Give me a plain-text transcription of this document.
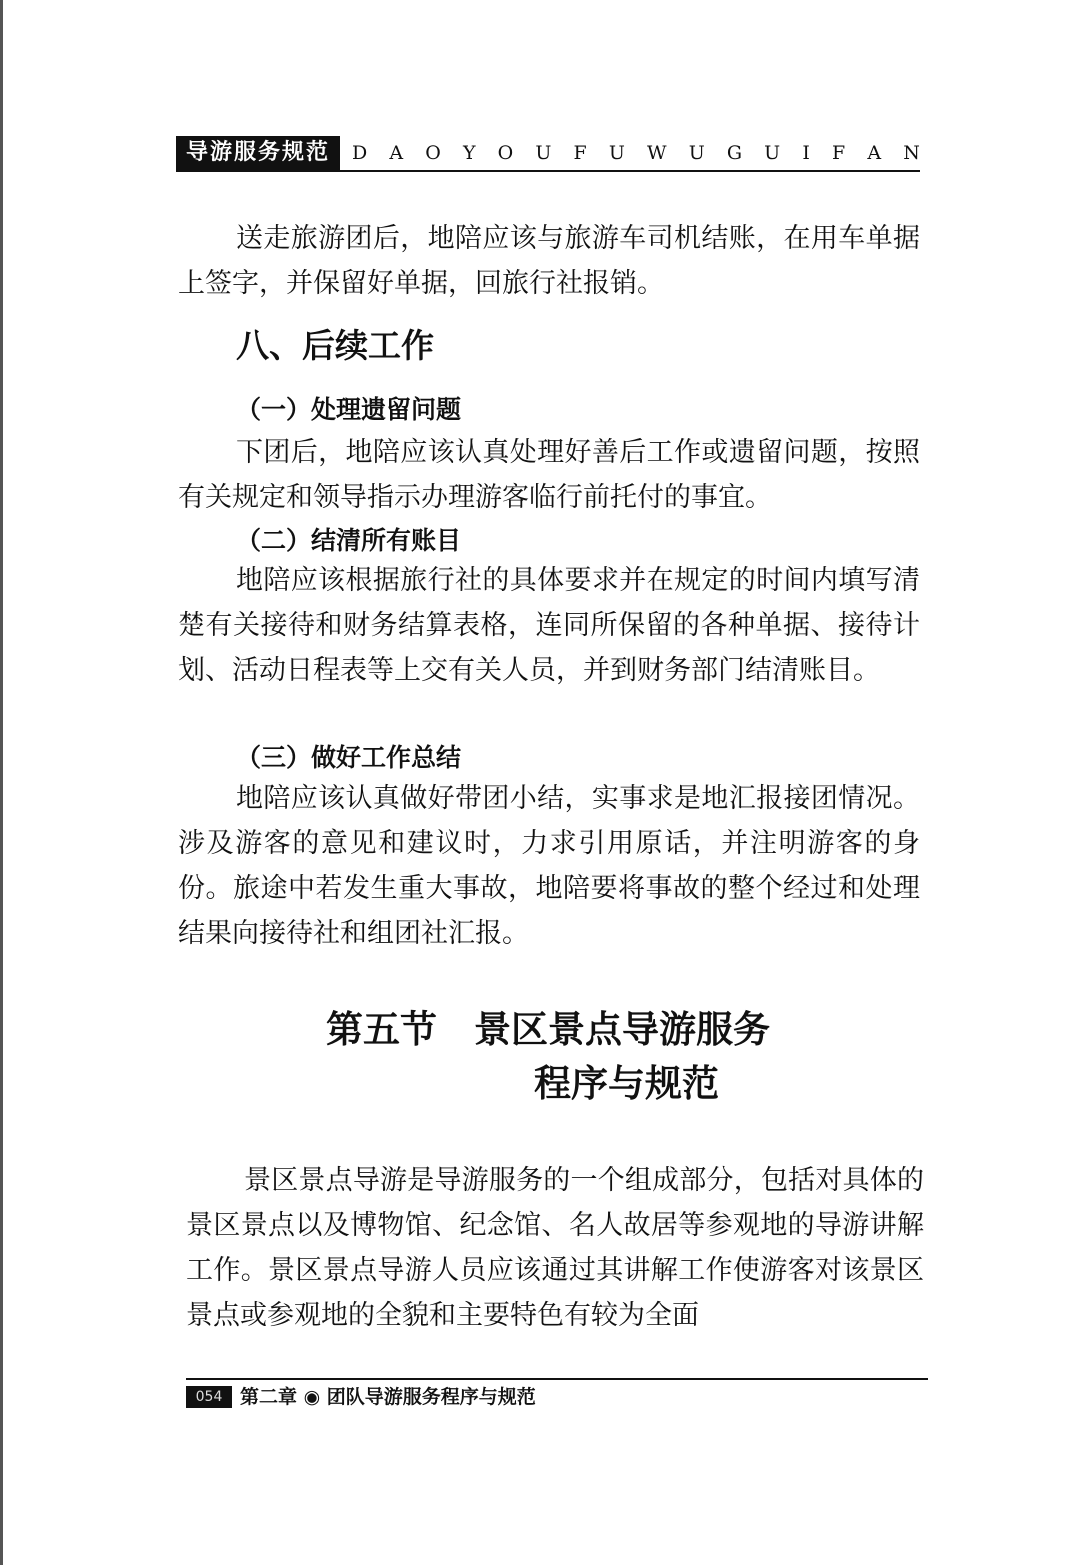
导游服务规范	D A O Y O U F U W U G U I F A N
送走旅游团后，地陪应该与旅游车司机结账，在用车单据上签字，并保留好单据，回旅行社报销。
八、后续工作
（一）处理遗留问题
下团后，地陪应该认真处理好善后工作或遗留问题，按照有关规定和领导指示办理游客临行前托付的事宜。
（二）结清所有账目
地陪应该根据旅行社的具体要求并在规定的时间内填写清楚有关接待和财务结算表格，连同所保留的各种单据、接待计划、活动日程表等上交有关人员，并到财务部门结清账目。
（三）做好工作总结
地陪应该认真做好带团小结，实事求是地汇报接团情况。涉及游客的意见和建议时，力求引用原话，并注明游客的身份。旅途中若发生重大事故，地陪要将事故的整个经过和处理结果向接待社和组团社汇报。
第五节　景区景点导游服务
程序与规范
景区景点导游是导游服务的一个组成部分，包括对具体的景区景点以及博物馆、纪念馆、名人故居等参观地的导游讲解工作。景区景点导游人员应该通过其讲解工作使游客对该景区景点或参观地的全貌和主要特色有较为全面
054 第二章 ◉ 团队导游服务程序与规范
